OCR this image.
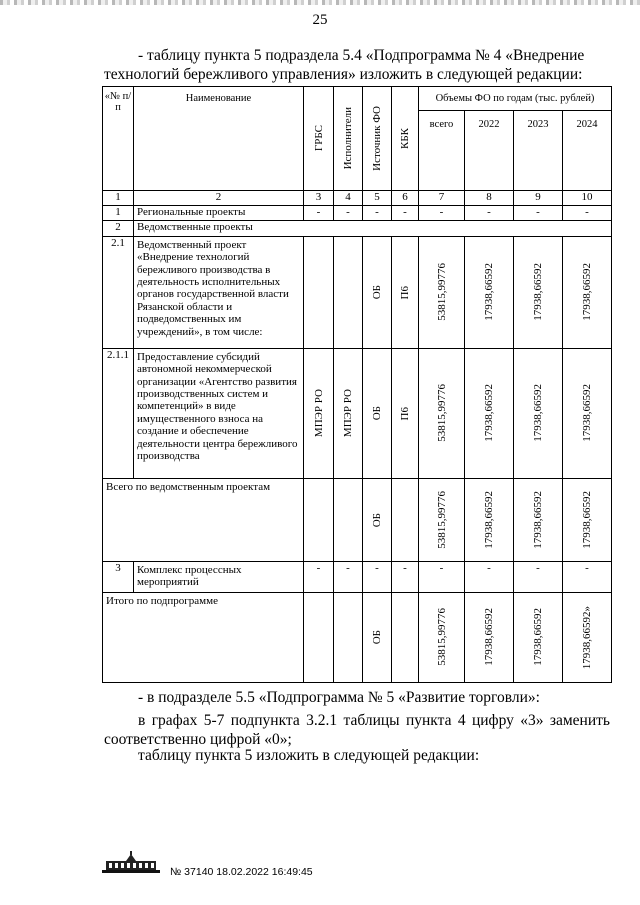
25
- таблицу пункта 5 подраздела 5.4 «Подпрограмма № 4 «Внедрение
технологий бережливого управления» изложить в следующей редакции:
«№ п/п	Наименование	ГРБС	Исполнители	Источник ФО	КБК	Объемы ФО по годам (тыс. рублей)			
						всего	2022	2023	2024
1	2	3	4	5	6	7	8	9	10
1	Региональные проекты	-	-	-	-	-	-	-	-
2	Ведомственные проекты								
2.1	Ведомственный проект «Внедрение технологий бережливого производства в деятельность исполнительных органов государственной власти Рязанской области и подведомственных им учреждений», в том числе:			ОБ	П6	53815,99776	17938,66592	17938,66592	17938,66592

2.1.1	Предоставление субсидий автономной некоммерческой организации «Агентство развития производственных систем и компетенций» в виде имущественного взноса на создание и обеспечение деятельности центра бережливого производства	МПЭР РО	МПЭР РО	ОБ	П6	53815,99776	17938,66592	17938,66592	17938,66592

Всего по ведомственным проектам				ОБ		53815,99776	17938,66592	17938,66592	17938,66592

3	Комплекс процессных мероприятий	-	-	-	-	-	-	-	-
Итого по подпрограмме				ОБ		53815,99776	17938,66592	17938,66592	17938,66592»
- в подразделе 5.5 «Подпрограмма № 5 «Развитие торговли»:
в графах 5-7 подпункта 3.2.1 таблицы пункта 4 цифру «3» заменить
соответственно цифрой «0»;
таблицу пункта 5 изложить в следующей редакции:
№ 37140 18.02.2022 16:49:45
